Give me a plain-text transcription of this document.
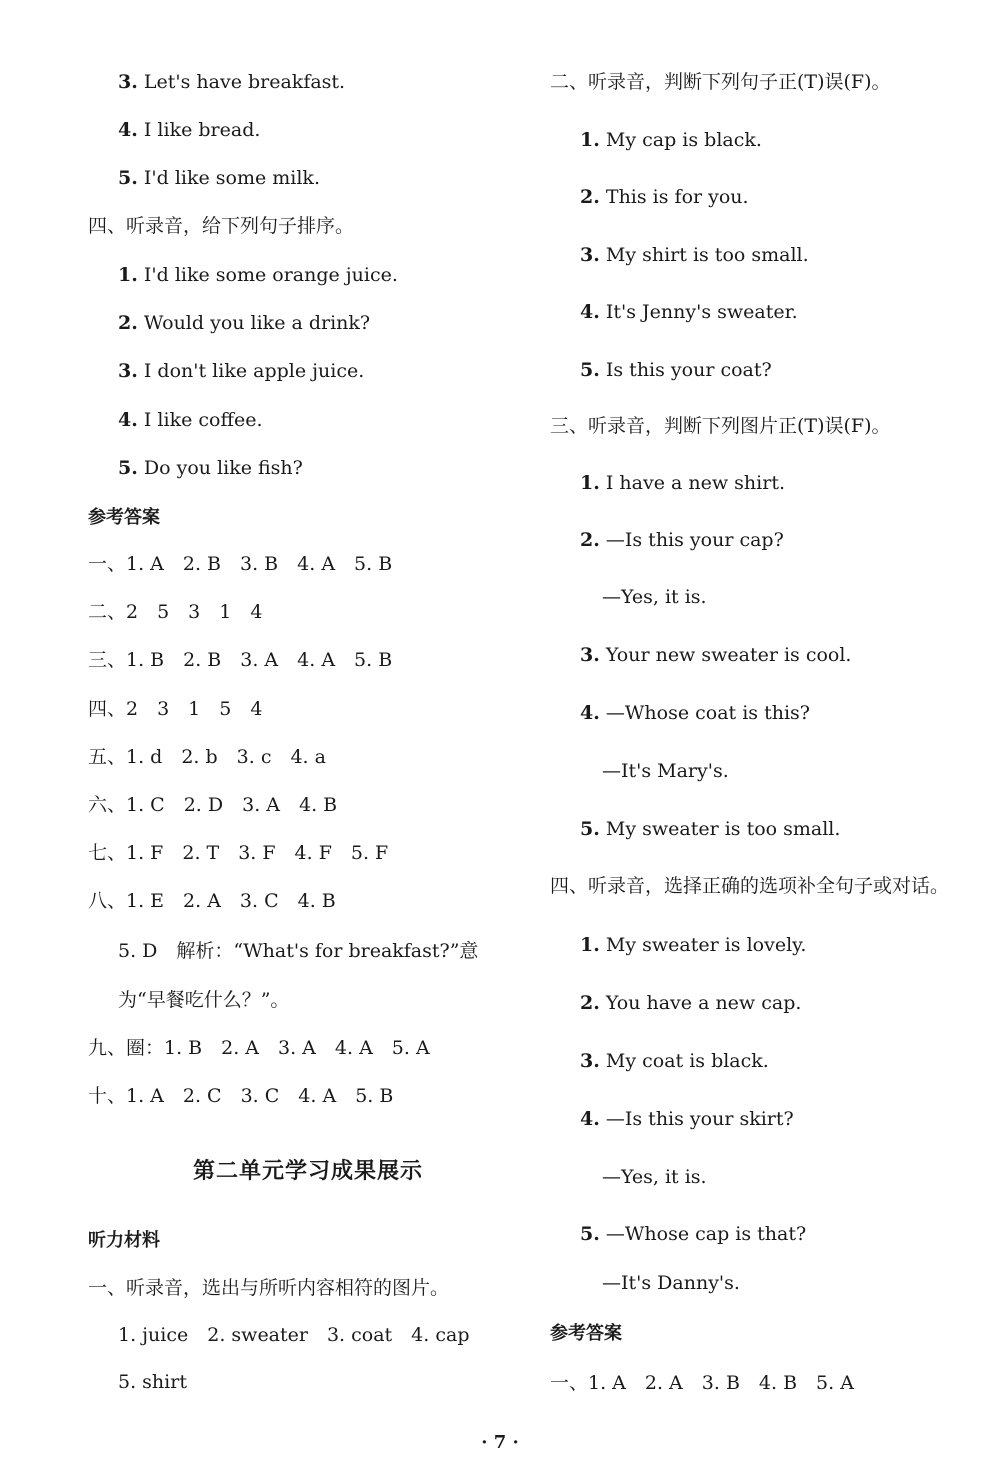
3. Let's have breakfast.
4. I like bread.
5. I'd like some milk.
四、听录音，给下列句子排序。
1. I'd like some orange juice.
2. Would you like a drink?
3. I don't like apple juice.
4. I like coffee.
5. Do you like fish?
参考答案
一、1. A　2. B　3. B　4. A　5. B
二、2　5　3　1　4
三、1. B　2. B　3. A　4. A　5. B
四、2　3　1　5　4
五、1. d　2. b　3. c　4. a
六、1. C　2. D　3. A　4. B
七、1. F　2. T　3. F　4. F　5. F
八、1. E　2. A　3. C　4. B
5. D　解析：“What's for breakfast?”意
为“早餐吃什么？”。
九、圈：1. B　2. A　3. A　4. A　5. A
十、1. A　2. C　3. C　4. A　5. B
第二单元学习成果展示
听力材料
一、听录音，选出与所听内容相符的图片。
1. juice　2. sweater　3. coat　4. cap
5. shirt
二、听录音，判断下列句子正(T)误(F)。
1. My cap is black.
2. This is for you.
3. My shirt is too small.
4. It's Jenny's sweater.
5. Is this your coat?
三、听录音，判断下列图片正(T)误(F)。
1. I have a new shirt.
2. —Is this your cap?
—Yes, it is.
3. Your new sweater is cool.
4. —Whose coat is this?
—It's Mary's.
5. My sweater is too small.
四、听录音，选择正确的选项补全句子或对话。
1. My sweater is lovely.
2. You have a new cap.
3. My coat is black.
4. —Is this your skirt?
—Yes, it is.
5. —Whose cap is that?
—It's Danny's.
参考答案
一、1. A　2. A　3. B　4. B　5. A
· 7 ·
